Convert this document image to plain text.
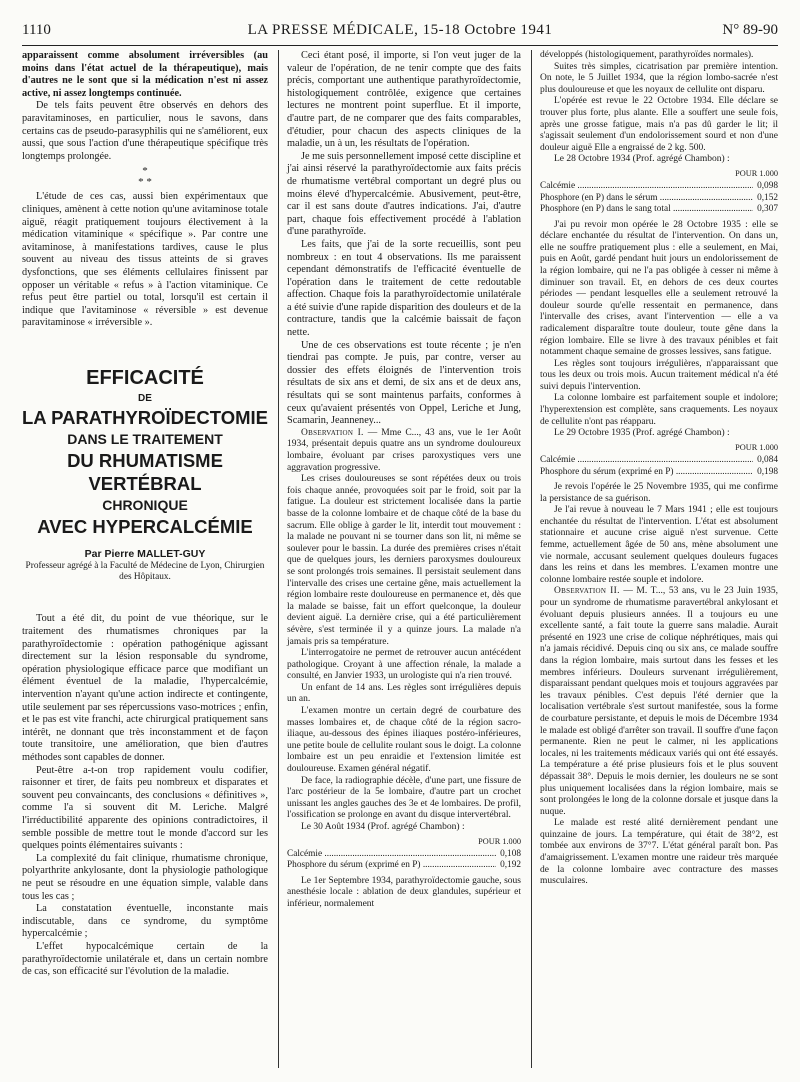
1110	LA PRESSE MÉDICALE, 15-18 Octobre 1941	N° 89-90

apparaissent comme absolument irréversibles (au moins dans l'état actuel de la thérapeutique), mais d'autres ne le sont que si la médication n'est ni assez active, ni assez longtemps continuée.

De tels faits peuvent être observés en dehors des paravitaminoses, en particulier, nous le savons, dans certains cas de pseudo-parasyphilis qui ne s'améliorent, eux aussi, que sous l'action d'une thérapeutique spécifique très longtemps prolongée.

*
* *

L'étude de ces cas, aussi bien expérimentaux que cliniques, amènent à cette notion qu'une avitaminose totale aiguë, réagit pratiquement toujours électivement à la médication vitaminique « spécifique ». Par contre une avitaminose, à manifestations tardives, cause le plus souvent au niveau des tissus atteints de si graves dysfonctions, que ses éléments cellulaires finissent par opposer un véritable « refus » à l'action vitaminique. Ce refus peut être partiel ou total, lorsqu'il est certain il indique que l'avitaminose « réversible » est devenue paravitaminose « irréversible ».

EFFICACITÉ
DE
LA PARATHYROÏDECTOMIE
DANS LE TRAITEMENT
DU RHUMATISME VERTÉBRAL
CHRONIQUE
AVEC HYPERCALCÉMIE
Par Pierre MALLET-GUY
Professeur agrégé à la Faculté de Médecine de Lyon, Chirurgien des Hôpitaux.

Tout a été dit, du point de vue théorique, sur le traitement des rhumatismes chroniques par la parathyroïdectomie : opération pathogénique agissant directement sur la lésion responsable du syndrome, opération physiologique efficace parce que modifiant un élément éventuel de la maladie, l'hypercalcémie, intervention n'ayant qu'une action indirecte et contingente, utile seulement par ses répercussions vaso-motrices ; enfin, et le pas est vite franchi, acte chirurgical pratiquement sans intérêt, ne donnant que très inconstamment et de façon toute transitoire, une amélioration, que bien d'autres méthodes sont capables de donner.

Peut-être a-t-on trop rapidement voulu codifier, raisonner et tirer, de faits peu nombreux et disparates et souvent peu convaincants, des conclusions « définitives », comme l'a si souvent dit M. Leriche. Malgré l'irréductibilité apparente des opinions contradictoires, il semble possible de mettre tout le monde d'accord sur les quelques points élémentaires suivants :

La complexité du fait clinique, rhumatisme chronique, polyarthrite ankylosante, dont la physiologie pathologique ne peut se résoudre en une équation simple, valable dans tous les cas ;

La constatation éventuelle, inconstante mais indiscutable, dans ce syndrome, du symptôme hypercalcémie ;

L'effet hypocalcémique certain de la parathyroïdectomie unilatérale et, dans un certain nombre de cas, son efficacité sur l'évolution de la maladie.

Ceci étant posé, il importe, si l'on veut juger de la valeur de l'opération, de ne tenir compte que des faits précis, comportant une authentique parathyroïdectomie, histologiquement contrôlée, exigence que certaines lectures ne montrent point superflue. Et il importe, d'autre part, de ne comparer que des faits comparables, d'étudier, pour chacun des aspects cliniques de la maladie, un à un, les résultats de l'opération.

Je me suis personnellement imposé cette discipline et j'ai ainsi réservé la parathyroïdectomie aux faits précis de rhumatisme vertébral comportant un degré plus ou moins élevé d'hypercalcémie. Abusivement, peut-être, car il est sans doute d'autres indications. J'ai, d'autre part, chaque fois effectivement procédé à l'ablation d'une parathyroïde.

Les faits, que j'ai de la sorte recueillis, sont peu nombreux : en tout 4 observations. Ils me paraissent cependant démonstratifs de l'efficacité éventuelle de l'opération dans le traitement de cette redoutable affection. Chaque fois la parathyroïdectomie unilatérale a été suivie d'une rapide disparition des douleurs et de la contracture, tandis que la calcémie baissait de façon nette.

Une de ces observations est toute récente ; je n'en tiendrai pas compte. Je puis, par contre, verser au dossier des effets éloignés de l'intervention trois résultats de six ans et demi, de six ans et de deux ans, résultats qui se sont maintenus parfaits, conformes à ceux qu'avaient présentés von Oppel, Leriche et Jung, Scamarin, Jeanneney...

Observation I. — Mme C..., 43 ans, vue le 1er Août 1934, présentait depuis quatre ans un syndrome douloureux lombaire, évoluant par crises paroxystiques vers une aggravation progressive.

Les crises douloureuses se sont répétées deux ou trois fois chaque année, provoquées soit par le froid, soit par la fatigue. La douleur est strictement localisée dans la partie basse de la colonne lombaire et de chaque côté de la base du sacrum. Elle oblige à garder le lit, interdit tout mouvement : la malade ne pouvant ni se tourner dans son lit, ni même se soulever pour le bassin. La durée des premières crises n'était que de quelques jours, les derniers paroxysmes douloureux se sont prolongés trois semaines. Il persistait seulement dans l'intervalle des crises une certaine gêne, mais actuellement la région lombaire reste douloureuse en permanence et, dès que la malade se baisse, fait un effort quelconque, la douleur devient aiguë. La dernière crise, qui a été particulièrement sévère, s'est terminée il y a quinze jours. La malade n'a jamais pris sa température.

L'interrogatoire ne permet de retrouver aucun antécédent pathologique. Croyant à une affection rénale, la malade a consulté, en Janvier 1933, un urologiste qui n'a rien trouvé.

Un enfant de 14 ans. Les règles sont irrégulières depuis un an.

L'examen montre un certain degré de courbature des masses lombaires et, de chaque côté de la région sacro-iliaque, au-dessous des épines iliaques postéro-inférieures, une petite boule de cellulite roulant sous le doigt. La colonne lombaire est un peu enraidie et l'extension limitée est douloureuse. Examen général négatif.

De face, la radiographie décèle, d'une part, une fissure de l'arc postérieur de la 5e lombaire, d'autre part un crochet unissant les angles gauches des 3e et 4e lombaires. De profil, l'ossification se prolonge en avant du disque intervertébral.

Le 30 Août 1934 (Prof. agrégé Chambon) :

POUR 1.000
Calcémie .....	0,108
Phosphore du sérum (exprimé en P) .....	0,192

Le 1er Septembre 1934, parathyroïdectomie gauche, sous anesthésie locale : ablation de deux glandules, supérieur et inférieur, normalement

développés (histologiquement, parathyroïdes normales).

Suites très simples, cicatrisation par première intention. On note, le 5 Juillet 1934, que la région lombo-sacrée n'est plus douloureuse et que les noyaux de cellulite ont disparu.

L'opérée est revue le 22 Octobre 1934. Elle déclare se trouver plus forte, plus alante. Elle a souffert une seule fois, après une grosse fatigue, mais n'a pas dû garder le lit; il s'agissait seulement d'un endolorissement sourd et non d'une douleur aiguë Elle a engraissé de 2 kg. 500.

Le 28 Octobre 1934 (Prof. agrégé Chambon) :

POUR 1.000
Calcémie .....	0,098
Phosphore (en P) dans le sérum .....	0,152
Phosphore (en P) dans le sang total .....	0,307

J'ai pu revoir mon opérée le 28 Octobre 1935 : elle se déclare enchantée du résultat de l'intervention. On dans un, elle ne souffre pratiquement plus : elle a seulement, en Mai, puis en Août, gardé pendant huit jours un endolorissement de la région lombaire, qui ne l'a pas obligée à cesser ni même à diminuer son travail. Et, en dehors de ces deux courtes périodes — pendant lesquelles elle a seulement retrouvé la douleur sourde qu'elle ressentait en permanence, dans l'intervalle des crises, avant l'intervention — elle a va radicalement disparaître toute douleur, toute gêne dans la région lombaire. Elle se livre à des travaux pénibles et fait notamment chaque semaine de grosses lessives, sans fatigue.

Les règles sont toujours irrégulières, n'apparaissant que tous les deux ou trois mois. Aucun traitement médical n'a été suivi depuis l'intervention.

La colonne lombaire est parfaitement souple et indolore; l'hyperextension est complète, sans craquements. Les noyaux de cellulite n'ont pas réapparu.

Le 29 Octobre 1935 (Prof. agrégé Chambon) :

POUR 1.000
Calcémie .....	0,084
Phosphore du sérum (exprimé en P) .....	0,198

Je revois l'opérée le 25 Novembre 1935, qui me confirme la persistance de sa guérison.

Je l'ai revue à nouveau le 7 Mars 1941 ; elle est toujours enchantée du résultat de l'intervention. L'état est absolument stationnaire et aucune crise aiguë n'est survenue. Cette femme, actuellement âgée de 50 ans, mène absolument une vie normale, accusant seulement quelques douleurs fugaces dans les reins et dans les membres. L'examen montre une colonne lombaire restée souple et indolore.

Observation II. — M. T..., 53 ans, vu le 23 Juin 1935, pour un syndrome de rhumatisme paravertébral ankylosant et évoluant depuis plusieurs années. Il a toujours eu une excellente santé, a fait toute la guerre sans maladie. Aurait présenté en 1923 une crise de colique néphrétiques, mais qui n'a jamais récidivé. Depuis cinq ou six ans, ce malade souffre dans la région lombaire, mais surtout dans les fesses et les membres inférieurs. Douleurs survenant irrégulièrement, disparaissant pendant quelques mois et toujours aggravées par les travaux pénibles. C'est depuis l'été dernier que la localisation vertébrale s'est surtout manifestée, sous la forme de courbature persistante, et depuis le mois de Décembre 1934 le malade est obligé d'arrêter son travail. Il souffre d'une façon permanente. Rien ne peut le calmer, ni les applications locales, ni les traitements médicaux variés qui ont été essayés. La température a été prise plusieurs fois et le plus souvent dépassait 38°. Depuis le mois dernier, les douleurs ne se sont plus uniquement localisées dans la région lombaire, mais se sont prolongées le long de la colonne dorsale et jusque dans la nuque.

Le malade est resté alité dernièrement pendant une quinzaine de jours. La température, qui était de 38°2, est tombée aux environs de 37°7. L'état général paraît bon. Pas d'amaigrissement. L'examen montre une raideur très marquée de la colonne lombaire avec contracture des masses musculaires.
